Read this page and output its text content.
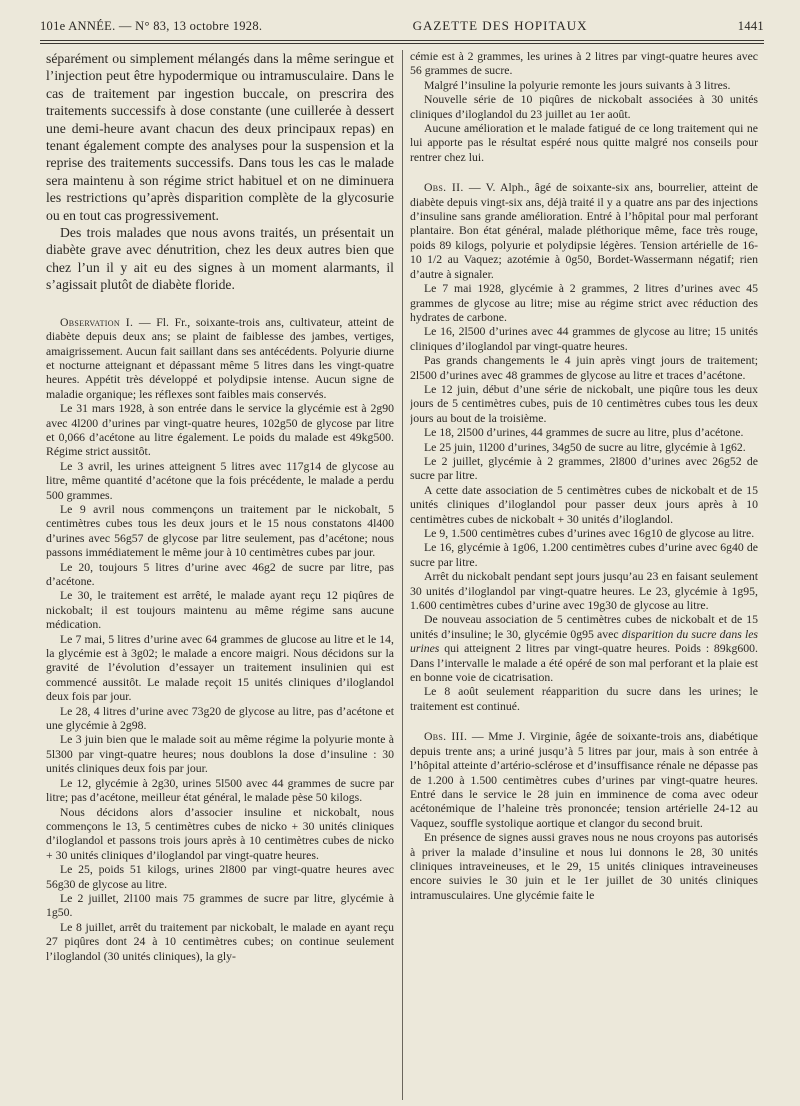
101e ANNÉE. — N° 83, 13 octobre 1928.	GAZETTE DES HOPITAUX	1441

séparément ou simplement mélangés dans la même seringue et l’injection peut être hypodermique ou intramusculaire. Dans le cas de traitement par ingestion buccale, on prescrira des traitements successifs à dose constante (une cuillerée à dessert une demi-heure avant chacun des deux principaux repas) en tenant également compte des analyses pour la suspension et la reprise des traitements successifs. Dans tous les cas le malade sera maintenu à son régime strict habituel et on ne diminuera les restrictions qu’après disparition complète de la glycosurie ou en tout cas progressivement.

Des trois malades que nous avons traités, un présentait un diabète grave avec dénutrition, chez les deux autres bien que chez l’un il y ait eu des signes à un moment alarmants, il s’agissait plutôt de diabète floride.

Observation I. — Fl. Fr., soixante-trois ans, cultivateur, atteint de diabète depuis deux ans; se plaint de faiblesse des jambes, vertiges, amaigrissement. Aucun fait saillant dans ses antécédents. Polyurie diurne et nocturne atteignant et dépassant même 5 litres dans les vingt-quatre heures. Appétit très développé et polydipsie intense. Aucun signe de maladie organique; les réflexes sont faibles mais conservés.

Le 31 mars 1928, à son entrée dans le service la glycémie est à 2g90 avec 4l200 d’urines par vingt-quatre heures, 102g50 de glycose par litre et 0,066 d’acétone au litre également. Le poids du malade est 49kg500. Régime strict aussitôt.

Le 3 avril, les urines atteignent 5 litres avec 117g14 de glycose au litre, même quantité d’acétone que la fois précédente, le malade a perdu 500 grammes.

Le 9 avril nous commençons un traitement par le nickobalt, 5 centimètres cubes tous les deux jours et le 15 nous constatons 4l400 d’urines avec 56g57 de glycose par litre seulement, pas d’acétone; nous passons immédiatement le même jour à 10 centimètres cubes par jour.

Le 20, toujours 5 litres d’urine avec 46g2 de sucre par litre, pas d’acétone.

Le 30, le traitement est arrêté, le malade ayant reçu 12 piqûres de nickobalt; il est toujours maintenu au même régime sans aucune médication.

Le 7 mai, 5 litres d’urine avec 64 grammes de glucose au litre et le 14, la glycémie est à 3g02; le malade a encore maigri. Nous décidons sur la gravité de l’évolution d’essayer un traitement insulinien qui est commencé aussitôt. Le malade reçoit 15 unités cliniques d’iloglandol deux fois par jour.

Le 28, 4 litres d’urine avec 73g20 de glycose au litre, pas d’acétone et une glycémie à 2g98.

Le 3 juin bien que le malade soit au même régime la polyurie monte à 5l300 par vingt-quatre heures; nous doublons la dose d’insuline : 30 unités cliniques deux fois par jour.

Le 12, glycémie à 2g30, urines 5l500 avec 44 grammes de sucre par litre; pas d’acétone, meilleur état général, le malade pèse 50 kilogs.

Nous décidons alors d’associer insuline et nickobalt, nous commençons le 13, 5 centimètres cubes de nicko + 30 unités cliniques d’iloglandol et passons trois jours après à 10 centimètres cubes de nicko + 30 unités cliniques d’iloglandol par vingt-quatre heures.

Le 25, poids 51 kilogs, urines 2l800 par vingt-quatre heures avec 56g30 de glycose au litre.

Le 2 juillet, 2l100 mais 75 grammes de sucre par litre, glycémie à 1g50.

Le 8 juillet, arrêt du traitement par nickobalt, le malade en ayant reçu 27 piqûres dont 24 à 10 centimètres cubes; on continue seulement l’iloglandol (30 unités cliniques), la gly-

cémie est à 2 grammes, les urines à 2 litres par vingt-quatre heures avec 56 grammes de sucre.

Malgré l’insuline la polyurie remonte les jours suivants à 3 litres.

Nouvelle série de 10 piqûres de nickobalt associées à 30 unités cliniques d’iloglandol du 23 juillet au 1er août.

Aucune amélioration et le malade fatigué de ce long traitement qui ne lui apporte pas le résultat espéré nous quitte malgré nos conseils pour rentrer chez lui.

Obs. II. — V. Alph., âgé de soixante-six ans, bourrelier, atteint de diabète depuis vingt-six ans, déjà traité il y a quatre ans par des injections d’insuline sans grande amélioration. Entré à l’hôpital pour mal perforant plantaire. Bon état général, malade pléthorique même, face très rouge, poids 89 kilogs, polyurie et polydipsie légères. Tension artérielle de 16-10 1/2 au Vaquez; azotémie à 0g50, Bordet-Wassermann négatif; rien d’autre à signaler.

Le 7 mai 1928, glycémie à 2 grammes, 2 litres d’urines avec 45 grammes de glycose au litre; mise au régime strict avec réduction des hydrates de carbone.

Le 16, 2l500 d’urines avec 44 grammes de glycose au litre; 15 unités cliniques d’iloglandol par vingt-quatre heures.

Pas grands changements le 4 juin après vingt jours de traitement; 2l500 d’urines avec 48 grammes de glycose au litre et traces d’acétone.

Le 12 juin, début d’une série de nickobalt, une piqûre tous les deux jours de 5 centimètres cubes, puis de 10 centimètres cubes tous les deux jours au bout de la troisième.

Le 18, 2l500 d’urines, 44 grammes de sucre au litre, plus d’acétone.

Le 25 juin, 1l200 d’urines, 34g50 de sucre au litre, glycémie à 1g62.

Le 2 juillet, glycémie à 2 grammes, 2l800 d’urines avec 26g52 de sucre par litre.

A cette date association de 5 centimètres cubes de nickobalt et de 15 unités cliniques d’iloglandol pour passer deux jours après à 10 centimètres cubes de nickobalt + 30 unités d’iloglandol.

Le 9, 1.500 centimètres cubes d’urines avec 16g10 de glycose au litre.

Le 16, glycémie à 1g06, 1.200 centimètres cubes d’urine avec 6g40 de sucre par litre.

Arrêt du nickobalt pendant sept jours jusqu’au 23 en faisant seulement 30 unités d’iloglandol par vingt-quatre heures. Le 23, glycémie à 1g95, 1.600 centimètres cubes d’urine avec 19g30 de glycose au litre.

De nouveau association de 5 centimètres cubes de nickobalt et de 15 unités d’insuline; le 30, glycémie 0g95 avec disparition du sucre dans les urines qui atteignent 2 litres par vingt-quatre heures. Poids : 89kg600. Dans l’intervalle le malade a été opéré de son mal perforant et la plaie est en bonne voie de cicatrisation.

Le 8 août seulement réapparition du sucre dans les urines; le traitement est continué.

Obs. III. — Mme J. Virginie, âgée de soixante-trois ans, diabétique depuis trente ans; a uriné jusqu’à 5 litres par jour, mais à son entrée à l’hôpital atteinte d’artério-sclérose et d’insuffisance rénale ne dépasse pas de 1.200 à 1.500 centimètres cubes d’urines par vingt-quatre heures. Entré dans le service le 28 juin en imminence de coma avec odeur acétonémique de l’haleine très prononcée; tension artérielle 24-12 au Vaquez, souffle systolique aortique et clangor du second bruit.

En présence de signes aussi graves nous ne nous croyons pas autorisés à priver la malade d’insuline et nous lui donnons le 28, 30 unités cliniques intraveineuses, et le 29, 15 unités cliniques intraveineuses encore suivies le 30 juin et le 1er juillet de 30 unités cliniques intramusculaires. Une glycémie faite le
